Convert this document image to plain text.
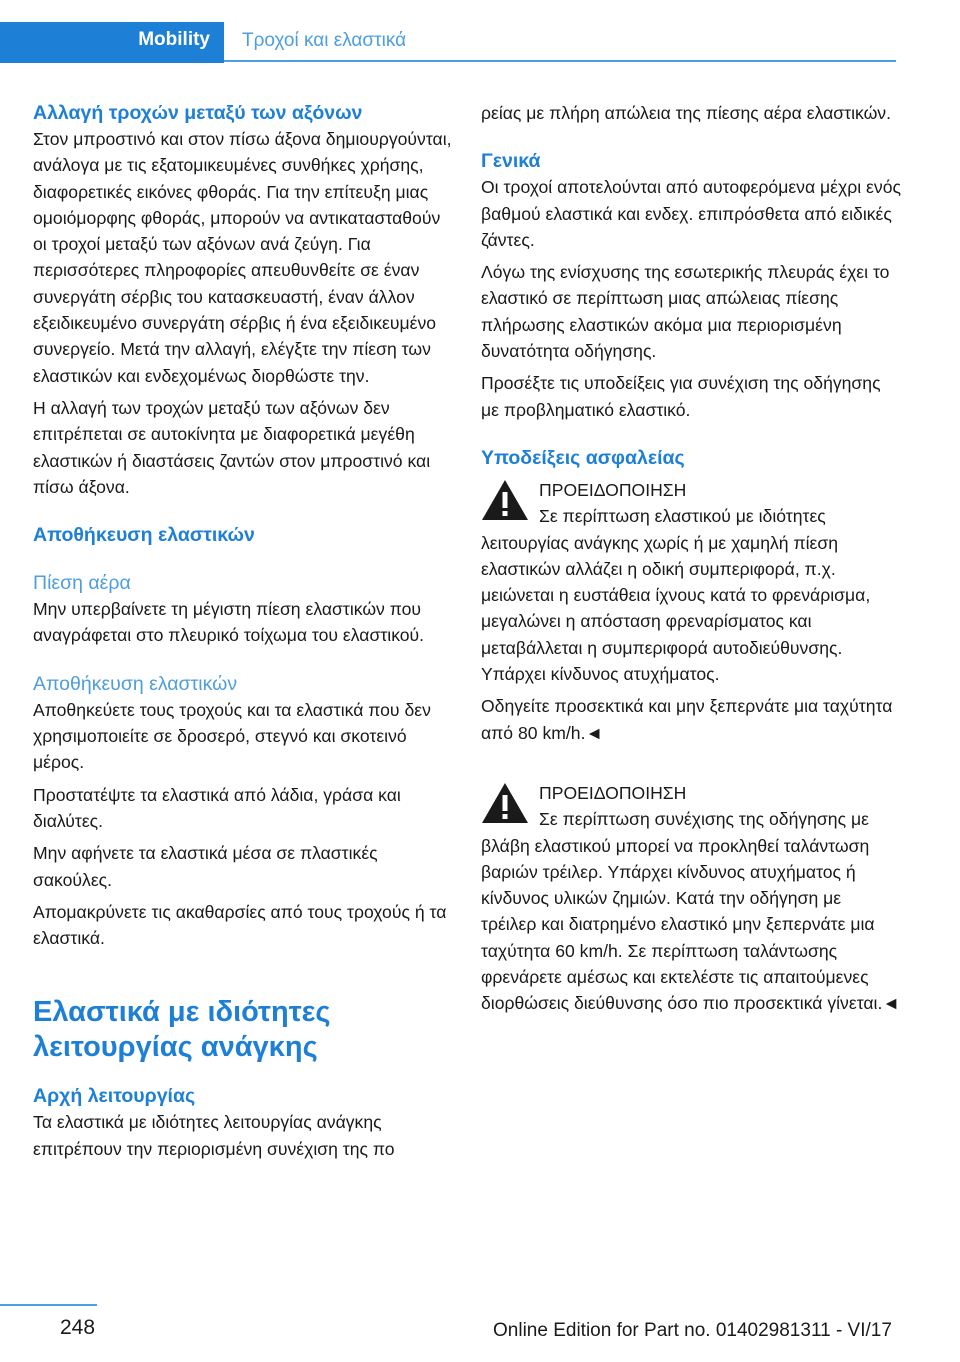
Mobility Τροχοί και ελαστικά
Αλλαγή τροχών μεταξύ των αξόνων

Στον μπροστινό και στον πίσω άξονα δημιουργούνται, ανάλογα με τις εξατομικευμένες συνθήκες χρήσης, διαφορετικές εικόνες φθοράς. Για την επίτευξη μιας ομοιόμορφης φθοράς, μπορούν να αντικατασταθούν οι τροχοί μεταξύ των αξόνων ανά ζεύγη. Για περισσότερες πληροφορίες απευθυνθείτε σε έναν συνεργάτη σέρβις του κατασκευαστή, έναν άλλον εξειδικευμένο συνεργάτη σέρβις ή ένα εξειδικευμένο συνεργείο. Μετά την αλλαγή, ελέγξτε την πίεση των ελαστικών και ενδεχομένως διορθώστε την.

Η αλλαγή των τροχών μεταξύ των αξόνων δεν επιτρέπεται σε αυτοκίνητα με διαφορετικά μεγέθη ελαστικών ή διαστάσεις ζαντών στον μπροστινό και πίσω άξονα.

Αποθήκευση ελαστικών
Πίεση αέρα

Μην υπερβαίνετε τη μέγιστη πίεση ελαστικών που αναγράφεται στο πλευρικό τοίχωμα του ελαστικού.

Αποθήκευση ελαστικών

Αποθηκεύετε τους τροχούς και τα ελαστικά που δεν χρησιμοποιείτε σε δροσερό, στεγνό και σκοτεινό μέρος.

Προστατέψτε τα ελαστικά από λάδια, γράσα και διαλύτες.

Μην αφήνετε τα ελαστικά μέσα σε πλαστικές σακούλες.

Απομακρύνετε τις ακαθαρσίες από τους τροχούς ή τα ελαστικά.

Ελαστικά με ιδιότητες λειτουργίας ανάγκης
Αρχή λειτουργίας

Τα ελαστικά με ιδιότητες λειτουργίας ανάγκης επιτρέπουν την περιορισμένη συνέχιση της πο

ρείας με πλήρη απώλεια της πίεσης αέρα ελαστικών.

Γενικά

Οι τροχοί αποτελούνται από αυτοφερόμενα μέχρι ενός βαθμού ελαστικά και ενδεχ. επιπρόσθετα από ειδικές ζάντες.

Λόγω της ενίσχυσης της εσωτερικής πλευράς έχει το ελαστικό σε περίπτωση μιας απώλειας πίεσης πλήρωσης ελαστικών ακόμα μια περιορισμένη δυνατότητα οδήγησης.

Προσέξτε τις υποδείξεις για συνέχιση της οδήγησης με προβληματικό ελαστικό.

Υποδείξεις ασφαλείας

ΠΡΟΕΙΔΟΠΟΙΗΣΗ

Σε περίπτωση ελαστικού με ιδιότητες λειτουργίας ανάγκης χωρίς ή με χαμηλή πίεση ελαστικών αλλάζει η οδική συμπεριφορά, π.χ. μειώνεται η ευστάθεια ίχνους κατά το φρενάρισμα, μεγαλώνει η απόσταση φρεναρίσματος και μεταβάλλεται η συμπεριφορά αυτοδιεύθυνσης. Υπάρχει κίνδυνος ατυχήματος.

Οδηγείτε προσεκτικά και μην ξεπερνάτε μια ταχύτητα από 80 km/h.◄

ΠΡΟΕΙΔΟΠΟΙΗΣΗ

Σε περίπτωση συνέχισης της οδήγησης με βλάβη ελαστικού μπορεί να προκληθεί ταλάντωση βαριών τρέιλερ. Υπάρχει κίνδυνος ατυχήματος ή κίνδυνος υλικών ζημιών. Κατά την οδήγηση με τρέιλερ και διατρημένο ελαστικό μην ξεπερνάτε μια ταχύτητα 60 km/h. Σε περίπτωση ταλάντωσης φρενάρετε αμέσως και εκτελέστε τις απαιτούμενες διορθώσεις διεύθυνσης όσο πιο προσεκτικά γίνεται.◄

248	Online Edition for Part no. 01402981311 - VI/17
